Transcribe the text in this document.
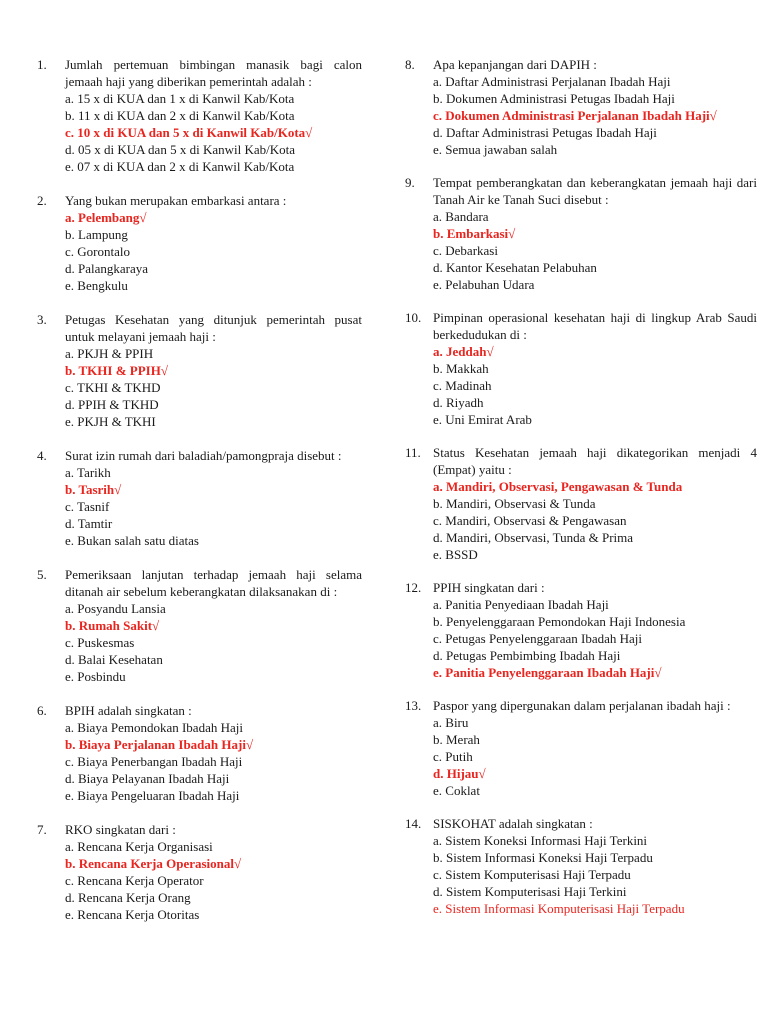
1. Jumlah pertemuan bimbingan manasik bagi calon jemaah haji yang diberikan pemerintah adalah :
a. 15 x di KUA dan 1 x di Kanwil Kab/Kota
b. 11 x di KUA dan 2 x di Kanwil Kab/Kota
c. 10 x di KUA dan 5 x di Kanwil Kab/Kota√
d. 05 x di KUA dan 5 x di Kanwil Kab/Kota
e. 07 x di KUA dan 2 x di Kanwil Kab/Kota
2. Yang bukan merupakan embarkasi antara :
a. Pelembang√
b. Lampung
c. Gorontalo
d. Palangkaraya
e. Bengkulu
3. Petugas Kesehatan yang ditunjuk pemerintah pusat untuk melayani jemaah haji :
a. PKJH & PPIH
b. TKHI & PPIH√
c. TKHI & TKHD
d. PPIH & TKHD
e. PKJH & TKHI
4. Surat izin rumah dari baladiah/pamongpraja disebut :
a. Tarikh
b. Tasrih√
c. Tasnif
d. Tamtir
e. Bukan salah satu diatas
5. Pemeriksaan lanjutan terhadap jemaah haji selama ditanah air sebelum keberangkatan dilaksanakan di :
a. Posyandu Lansia
b. Rumah Sakit√
c. Puskesmas
d. Balai Kesehatan
e. Posbindu
6. BPIH adalah singkatan :
a. Biaya Pemondokan Ibadah Haji
b. Biaya Perjalanan Ibadah Haji√
c. Biaya Penerbangan Ibadah Haji
d. Biaya Pelayanan Ibadah Haji
e. Biaya Pengeluaran Ibadah Haji
7. RKO singkatan dari :
a. Rencana Kerja Organisasi
b. Rencana Kerja Operasional√
c. Rencana Kerja Operator
d. Rencana Kerja Orang
e. Rencana Kerja Otoritas
8. Apa kepanjangan dari DAPIH :
a. Daftar Administrasi Perjalanan Ibadah Haji
b. Dokumen Administrasi Petugas Ibadah Haji
c. Dokumen Administrasi Perjalanan Ibadah Haji√
d. Daftar Administrasi Petugas Ibadah Haji
e. Semua jawaban salah
9. Tempat pemberangkatan dan keberangkatan jemaah haji dari Tanah Air ke Tanah Suci disebut :
a. Bandara
b. Embarkasi√
c. Debarkasi
d. Kantor Kesehatan Pelabuhan
e. Pelabuhan Udara
10. Pimpinan operasional kesehatan haji di lingkup Arab Saudi berkedudukan di :
a. Jeddah√
b. Makkah
c. Madinah
d. Riyadh
e. Uni Emirat Arab
11. Status Kesehatan jemaah haji dikategorikan menjadi 4 (Empat) yaitu :
a. Mandiri, Observasi, Pengawasan & Tunda
b. Mandiri, Observasi & Tunda
c. Mandiri, Observasi & Pengawasan
d. Mandiri, Observasi, Tunda & Prima
e. BSSD
12. PPIH singkatan dari :
a. Panitia Penyediaan Ibadah Haji
b. Penyelenggaraan Pemondokan Haji Indonesia
c. Petugas Penyelenggaraan Ibadah Haji
d. Petugas Pembimbing Ibadah Haji
e. Panitia Penyelenggaraan Ibadah Haji√
13. Paspor yang dipergunakan dalam perjalanan ibadah haji :
a. Biru
b. Merah
c. Putih
d. Hijau√
e. Coklat
14. SISKOHAT adalah singkatan :
a. Sistem Koneksi Informasi Haji Terkini
b. Sistem Informasi Koneksi Haji Terpadu
c. Sistem Komputerisasi Haji Terpadu
d. Sistem Komputerisasi Haji Terkini
e. Sistem Informasi Komputerisasi Haji Terpadu
